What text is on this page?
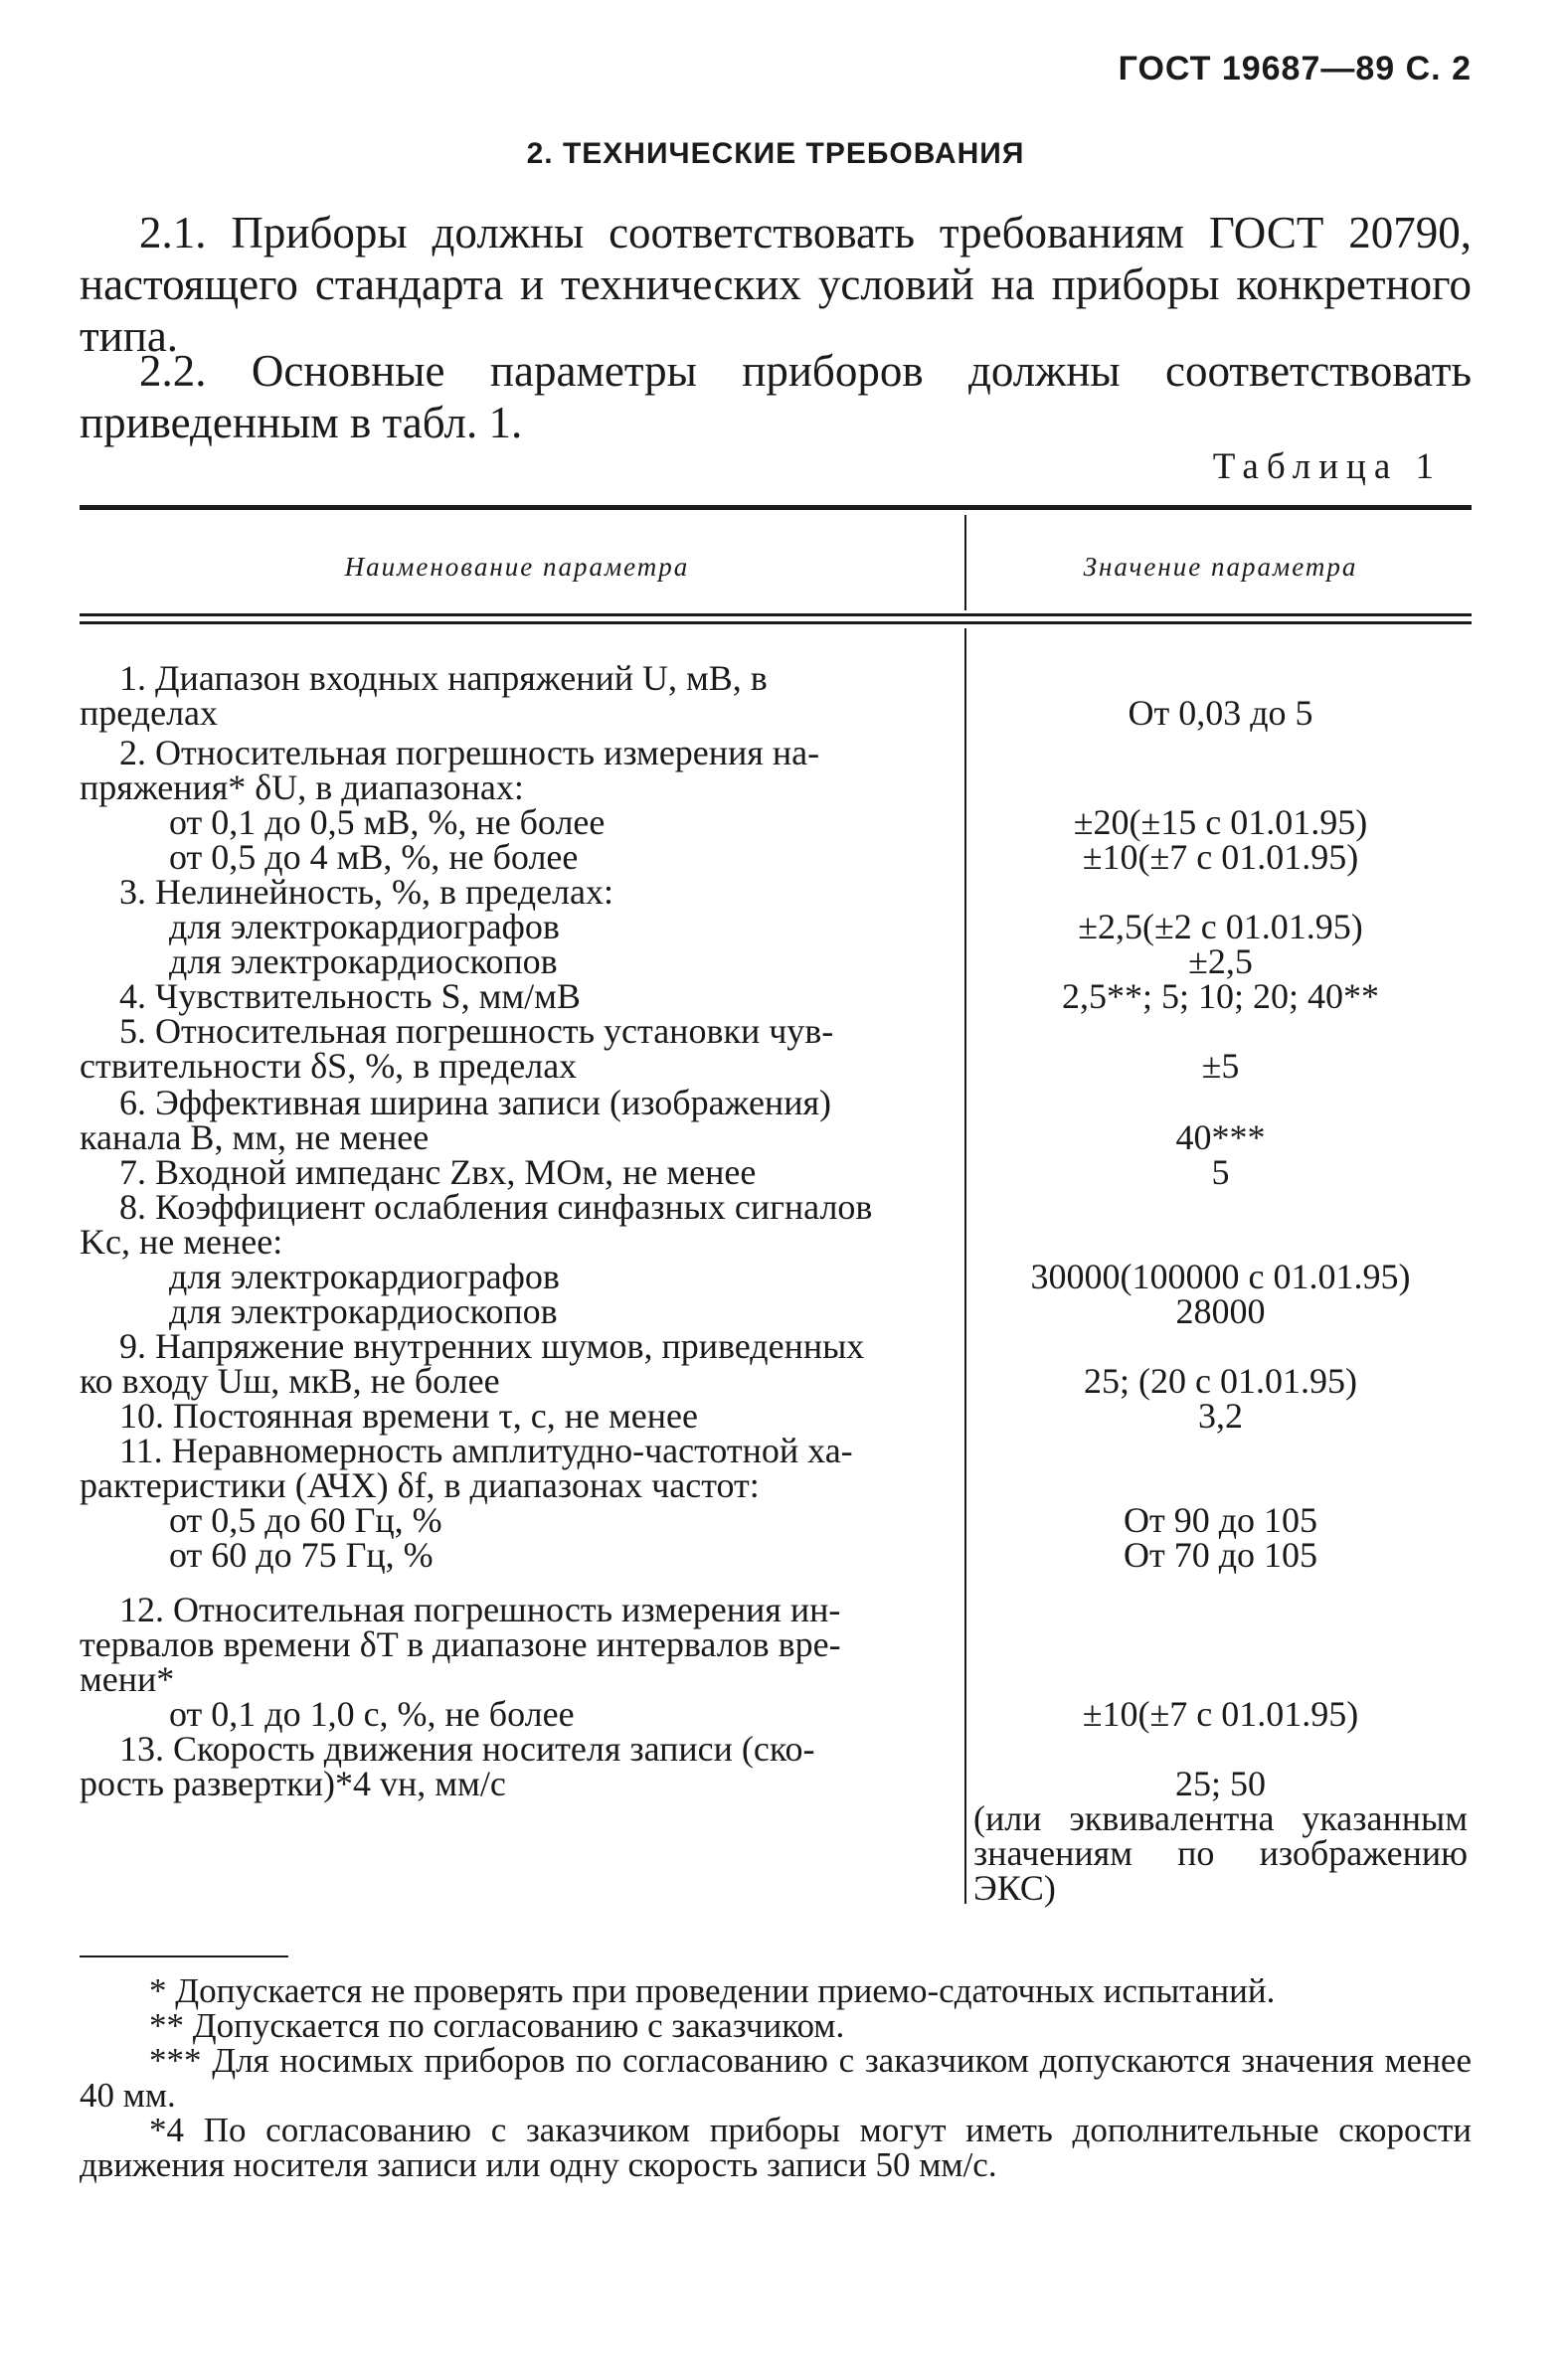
ГОСТ 19687—89 С. 2
2. ТЕХНИЧЕСКИЕ ТРЕБОВАНИЯ
2.1. Приборы должны соответствовать требованиям ГОСТ 20790, настоящего стандарта и технических условий на приборы конкретного типа.
2.2. Основные параметры приборов должны соответствовать приведенным в табл. 1.
Таблица 1
Наименование параметра	Значение параметра
1. Диапазон входных напряжений U, мВ, в
пределах	От 0,03 до 5
2. Относительная погрешность измерения на-
пряжения* δU, в диапазонах:
от 0,1 до 0,5 мВ, %, не более	±20(±15 с 01.01.95)
от 0,5 до 4 мВ, %, не более	±10(±7 с 01.01.95)
3. Нелинейность, %, в пределах:
для электрокардиографов	±2,5(±2 с 01.01.95)
для электрокардиоскопов	±2,5
4. Чувствительность S, мм/мВ	2,5**; 5; 10; 20; 40**
5. Относительная погрешность установки чув-
ствительности δS, %, в пределах	±5
6. Эффективная ширина записи (изображения)
канала B, мм, не менее	40***
7. Входной импеданс Zвх, МОм, не менее	5
8. Коэффициент ослабления синфазных сигналов
Kс, не менее:
для электрокардиографов	30000(100000 с 01.01.95)
для электрокардиоскопов	28000
9. Напряжение внутренних шумов, приведенных
ко входу Uш, мкВ, не более	25; (20 с 01.01.95)
10. Постоянная времени τ, с, не менее	3,2
11. Неравномерность амплитудно-частотной ха-
рактеристики (АЧХ) δf, в диапазонах частот:
от 0,5 до 60 Гц, %	От 90 до 105
от 60 до 75 Гц, %	От 70 до 105
12. Относительная погрешность измерения ин-
тервалов времени δT в диапазоне интервалов вре-
мени*
от 0,1 до 1,0 с, %, не более	±10(±7 с 01.01.95)
13. Скорость движения носителя записи (ско-
рость развертки)*4 vн, мм/с	25; 50
(или эквивалентна указанным значениям по изображению ЭКС)
* Допускается не проверять при проведении приемо-сдаточных испытаний.
** Допускается по согласованию с заказчиком.
*** Для носимых приборов по согласованию с заказчиком допускаются значения менее 40 мм.
*4 По согласованию с заказчиком приборы могут иметь дополнительные скорости движения носителя записи или одну скорость записи 50 мм/с.
